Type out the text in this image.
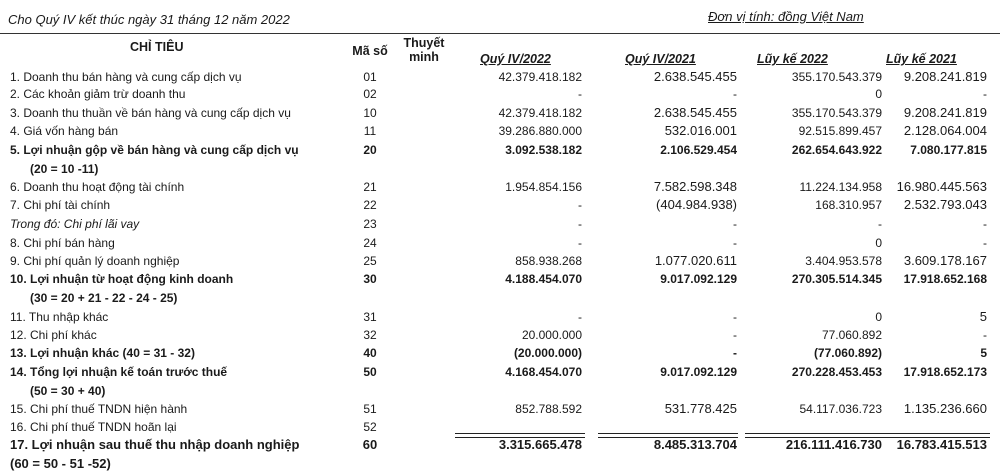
Cho Quý IV kết thúc ngày 31 tháng 12 năm 2022	Đơn vị tính: đồng Việt Nam
CHỈ TIÊU	Mã số
Thuyết
minh	Quý IV/2022	Quý IV/2021	Lũy kế 2022	Lũy kế 2021
1. Doanh thu bán hàng và cung cấp dịch vụ	01	42.379.418.182	2.638.545.455	355.170.543.379	9.208.241.819
2. Các khoản giảm trừ doanh thu	02	-	-	0	-
3. Doanh thu thuần về bán hàng và cung cấp dịch vụ	10	42.379.418.182	2.638.545.455	355.170.543.379	9.208.241.819
4. Giá vốn hàng bán	11	39.286.880.000	532.016.001	92.515.899.457	2.128.064.004
5. Lợi nhuận gộp về bán hàng và cung cấp dịch vụ
(20 = 10 -11)
20	3.092.538.182	2.106.529.454	262.654.643.922	7.080.177.815
6. Doanh thu hoạt động tài chính	21	1.954.854.156	7.582.598.348	11.224.134.958	16.980.445.563
7. Chi phí tài chính	22	-	(404.984.938)	168.310.957	2.532.793.043
Trong đó: Chi phí lãi vay	23	-	-	-	-
8. Chi phí bán hàng	24	-	-	0	-
9. Chi phí quản lý doanh nghiệp	25	858.938.268	1.077.020.611	3.404.953.578	3.609.178.167
10. Lợi nhuận từ hoạt động kinh doanh
(30 = 20 + 21 - 22 - 24 - 25)
30	4.188.454.070	9.017.092.129	270.305.514.345	17.918.652.168
11. Thu nhập khác	31	-	-	0	5
12. Chi phí khác	32	20.000.000	-	77.060.892	-
13. Lợi nhuận khác (40 = 31 - 32)	40	(20.000.000)	-	(77.060.892)	5
14. Tổng lợi nhuận kế toán trước thuế
(50 = 30 + 40)
50	4.168.454.070	9.017.092.129	270.228.453.453	17.918.652.173
15. Chi phí thuế TNDN hiện hành	51	852.788.592	531.778.425	54.117.036.723	1.135.236.660
16. Chi phí thuế TNDN hoãn lại	52
17. Lợi nhuận sau thuế thu nhập doanh nghiệp
(60 = 50 - 51 -52)
60	3.315.665.478	8.485.313.704	216.111.416.730	16.783.415.513
